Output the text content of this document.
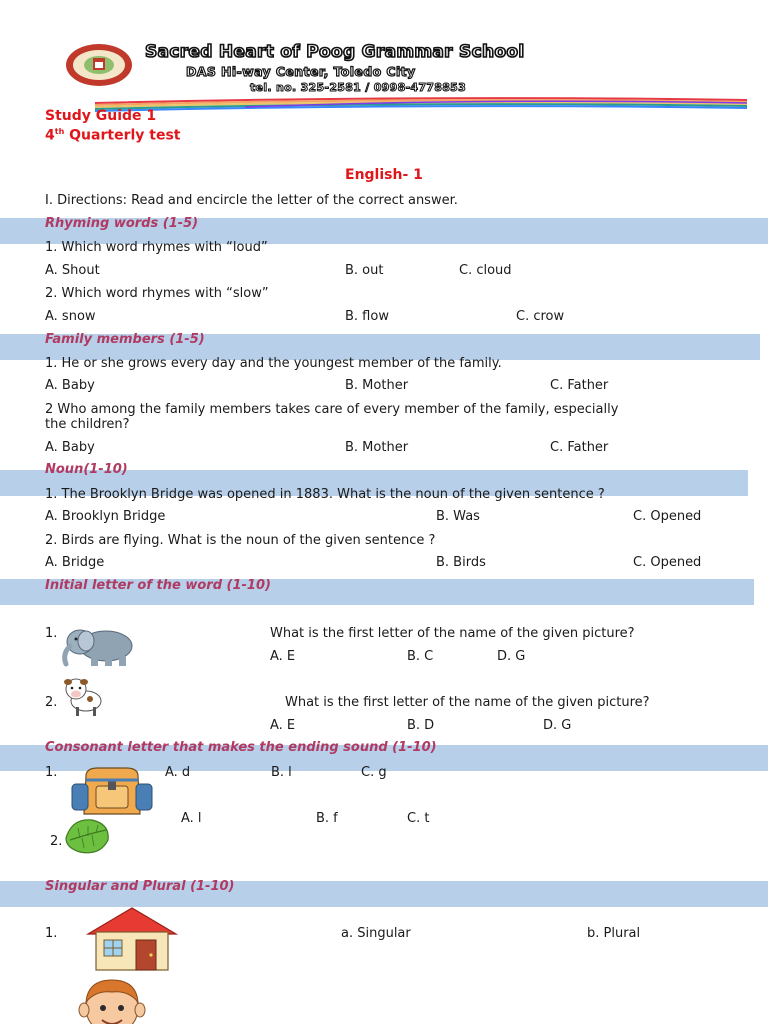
Sacred Heart of Poog Grammar School
DAS Hi-way Center, Toledo City
tel. no. 325-2581 / 0998-4778853
Study Guide 1
4th Quarterly test
English- 1
I. Directions: Read and encircle the letter of the correct answer.
Rhyming words (1-5)
1. Which word rhymes with “loud”
A. Shout	B. out	C. cloud
2. Which word rhymes with “slow”
A. snow	B. flow	C. crow
Family members (1-5)
1. He or she grows every day and the youngest member of the family.
A. Baby	B. Mother	C. Father
2 Who among the family members takes care of every member of the family, especially
the children?
A. Baby	B. Mother	C. Father
Noun(1-10)
1. The Brooklyn Bridge was opened in 1883. What is the noun of the given sentence ?
A. Brooklyn Bridge	B. Was	C. Opened
2. Birds are flying. What is the noun of the given sentence ?
A. Bridge	B. Birds	C. Opened
Initial letter of the word (1-10)
1.	What is the first letter of the name of the given picture?
A. E	B. C	D. G
2.	What is the first letter of the name of the given picture?
A. E	B. D	D. G
Consonant letter that makes the ending sound (1-10)
1.	A. d	B. l	C. g
2.
A. l	B. f	C. t
Singular and Plural (1-10)
1.	a. Singular	b. Plural
